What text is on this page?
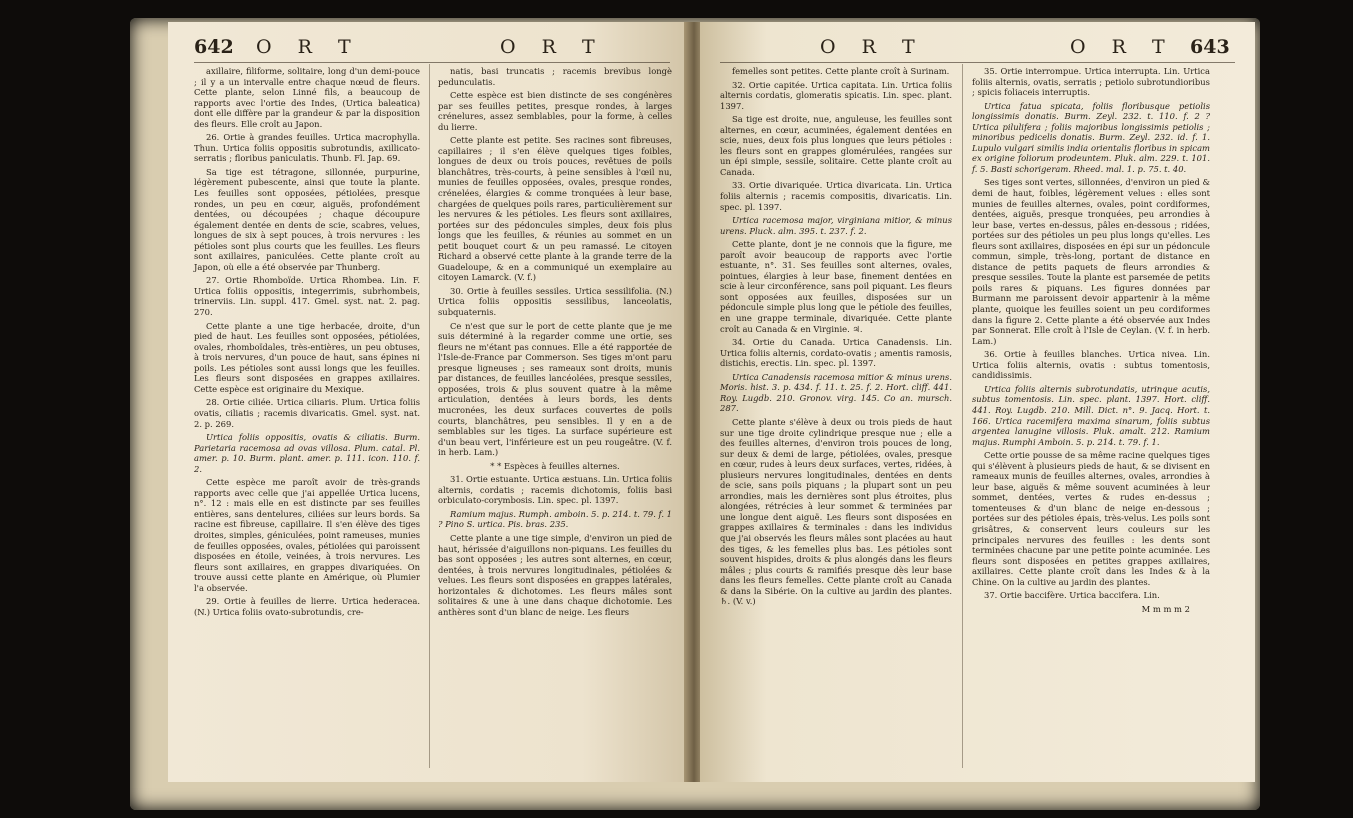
642 O R T	O R T

axillaire, filiforme, solitaire, long d'un demi-pouce ; il y a un intervalle entre chaque nœud de fleurs. Cette plante, selon Linné fils, a beaucoup de rapports avec l'ortie des Indes, (Urtica baleatica) dont elle diffère par la grandeur & par la disposition des fleurs. Elle croît au Japon.

26. Ortie à grandes feuilles. Urtica macrophylla. Thun. Urtica foliis oppositis subrotundis, axillicato-serratis ; floribus paniculatis. Thunb. Fl. Jap. 69.

Sa tige est tétragone, sillonnée, purpurine, légèrement pubescente, ainsi que toute la plante. Les feuilles sont opposées, pétiolées, presque rondes, un peu en cœur, aiguës, profondément dentées, ou découpées ; chaque découpure également dentée en dents de scie, scabres, velues, longues de six à sept pouces, à trois nervures : les pétioles sont plus courts que les feuilles. Les fleurs sont axillaires, paniculées. Cette plante croît au Japon, où elle a été observée par Thunberg.

27. Ortie Rhomboïde. Urtica Rhombea. Lin. F. Urtica foliis oppositis, integerrimis, subrhombeis, trinerviis. Lin. suppl. 417. Gmel. syst. nat. 2. pag. 270.

Cette plante a une tige herbacée, droite, d'un pied de haut. Les feuilles sont opposées, pétiolées, ovales, rhomboïdales, très-entières, un peu obtuses, à trois nervures, d'un pouce de haut, sans épines ni poils. Les pétioles sont aussi longs que les feuilles. Les fleurs sont disposées en grappes axillaires. Cette espèce est originaire du Mexique.

28. Ortie ciliée. Urtica ciliaris. Plum. Urtica foliis ovatis, ciliatis ; racemis divaricatis. Gmel. syst. nat. 2. p. 269.

Urtica foliis oppositis, ovatis & ciliatis. Burm. Parietaria racemosa ad ovas villosa. Plum. catal. Pl. amer. p. 10. Burm. plant. amer. p. 111. icon. 110. f. 2.

Cette espèce me paroît avoir de très-grands rapports avec celle que j'ai appellée Urtica lucens, n°. 12 : mais elle en est distincte par ses feuilles entières, sans dentelures, ciliées sur leurs bords. Sa racine est fibreuse, capillaire. Il s'en élève des tiges droites, simples, géniculées, point rameuses, munies de feuilles opposées, ovales, pétiolées qui paroissent disposées en étoile, veinées, à trois nervures. Les fleurs sont axillaires, en grappes divariquées. On trouve aussi cette plante en Amérique, où Plumier l'a observée.

29. Ortie à feuilles de lierre. Urtica hederacea. (N.) Urtica foliis ovato-subrotundis, cre-

natis, basi truncatis ; racemis brevibus longè pedunculatis.

Cette espèce est bien distincte de ses congénères par ses feuilles petites, presque rondes, à larges crénelures, assez semblables, pour la forme, à celles du lierre.

Cette plante est petite. Ses racines sont fibreuses, capillaires ; il s'en élève quelques tiges foibles, longues de deux ou trois pouces, revêtues de poils blanchâtres, très-courts, à peine sensibles à l'œil nu, munies de feuilles opposées, ovales, presque rondes, crénelées, élargies & comme tronquées à leur base, chargées de quelques poils rares, particulièrement sur les nervures & les pétioles. Les fleurs sont axillaires, portées sur des pédoncules simples, deux fois plus longs que les feuilles, & réunies au sommet en un petit bouquet court & un peu ramassé. Le citoyen Richard a observé cette plante à la grande terre de la Guadeloupe, & en a communiqué un exemplaire au citoyen Lamarck. (V. f.)

30. Ortie à feuilles sessiles. Urtica sessilifolia. (N.) Urtica foliis oppositis sessilibus, lanceolatis, subquaternis.

Ce n'est que sur le port de cette plante que je me suis déterminé à la regarder comme une ortie, ses fleurs ne m'étant pas connues. Elle a été rapportée de l'Isle-de-France par Commerson. Ses tiges m'ont paru presque ligneuses ; ses rameaux sont droits, munis par distances, de feuilles lancéolées, presque sessiles, opposées, trois & plus souvent quatre à la même articulation, dentées à leurs bords, les dents mucronées, les deux surfaces couvertes de poils courts, blanchâtres, peu sensibles. Il y en a de semblables sur les tiges. La surface supérieure est d'un beau vert, l'inférieure est un peu rougeâtre. (V. f. in herb. Lam.)

* * Espèces à feuilles alternes.

31. Ortie estuante. Urtica æstuans. Lin. Urtica foliis alternis, cordatis ; racemis dichotomis, foliis basi orbiculato-corymbosis. Lin. spec. pl. 1397.

Ramium majus. Rumph. amboin. 5. p. 214. t. 79. f. 1 ? Pino S. urtica. Pis. bras. 235.

Cette plante a une tige simple, d'environ un pied de haut, hérissée d'aiguillons non-piquans. Les feuilles du bas sont opposées ; les autres sont alternes, en cœur, dentées, à trois nervures longitudinales, pétiolées & velues. Les fleurs sont disposées en grappes latérales, horizontales & dichotomes. Les fleurs mâles sont solitaires & une à une dans chaque dichotomie. Les anthères sont d'un blanc de neige. Les fleurs

O R T	O R T 643

femelles sont petites. Cette plante croît à Surinam.

32. Ortie capitée. Urtica capitata. Lin. Urtica foliis alternis cordatis, glomeratis spicatis. Lin. spec. plant. 1397.

Sa tige est droite, nue, anguleuse, les feuilles sont alternes, en cœur, acuminées, également dentées en scie, nues, deux fois plus longues que leurs pétioles : les fleurs sont en grappes glomérulées, rangées sur un épi simple, sessile, solitaire. Cette plante croît au Canada.

33. Ortie divariquée. Urtica divaricata. Lin. Urtica foliis alternis ; racemis compositis, divaricatis. Lin. spec. pl. 1397.

Urtica racemosa major, virginiana mitior, & minus urens. Pluck. alm. 395. t. 237. f. 2.

Cette plante, dont je ne connois que la figure, me paroît avoir beaucoup de rapports avec l'ortie estuante, n°. 31. Ses feuilles sont alternes, ovales, pointues, élargies à leur base, finement dentées en scie à leur circonférence, sans poil piquant. Les fleurs sont opposées aux feuilles, disposées sur un pédoncule simple plus long que le pétiole des feuilles, en une grappe terminale, divariquée. Cette plante croît au Canada & en Virginie. ♃.

34. Ortie du Canada. Urtica Canadensis. Lin. Urtica foliis alternis, cordato-ovatis ; amentis ramosis, distichis, erectis. Lin. spec. pl. 1397.

Urtica Canadensis racemosa mitior & minus urens. Moris. hist. 3. p. 434. f. 11. t. 25. f. 2. Hort. cliff. 441. Roy. Lugdb. 210. Gronov. virg. 145. Co an. mursch. 287.

Cette plante s'élève à deux ou trois pieds de haut sur une tige droite cylindrique presque nue ; elle a des feuilles alternes, d'environ trois pouces de long, sur deux & demi de large, pétiolées, ovales, presque en cœur, rudes à leurs deux surfaces, vertes, ridées, à plusieurs nervures longitudinales, dentées en dents de scie, sans poils piquans ; la plupart sont un peu arrondies, mais les dernières sont plus étroites, plus alongées, rétrécies à leur sommet & terminées par une longue dent aiguë. Les fleurs sont disposées en grappes axillaires & terminales : dans les individus que j'ai observés les fleurs mâles sont placées au haut des tiges, & les femelles plus bas. Les pétioles sont souvent hispides, droits & plus alongés dans les fleurs mâles ; plus courts & ramifiés presque dès leur base dans les fleurs femelles. Cette plante croît au Canada & dans la Sibérie. On la cultive au jardin des plantes. ♄. (V. v.)

35. Ortie interrompue. Urtica interrupta. Lin. Urtica foliis alternis, ovatis, serratis ; petiolo subrotundioribus ; spicis foliaceis interruptis.

Urtica fatua spicata, foliis floribusque petiolis longissimis donatis. Burm. Zeyl. 232. t. 110. f. 2 ? Urtica pilulifera ; foliis majoribus longissimis petiolis ; minoribus pedicelis donatis. Burm. Zeyl. 232. id. f. 1. Lupulo vulgari similis india orientalis floribus in spicam ex origine foliorum prodeuntem. Pluk. alm. 229. t. 101. f. 5. Basti schorigeram. Rheed. mal. 1. p. 75. t. 40.

Ses tiges sont vertes, sillonnées, d'environ un pied & demi de haut, foibles, légèrement velues : elles sont munies de feuilles alternes, ovales, point cordiformes, dentées, aiguës, presque tronquées, peu arrondies à leur base, vertes en-dessus, pâles en-dessous ; ridées, portées sur des pétioles un peu plus longs qu'elles. Les fleurs sont axillaires, disposées en épi sur un pédoncule commun, simple, très-long, portant de distance en distance de petits paquets de fleurs arrondies & presque sessiles. Toute la plante est parsemée de petits poils rares & piquans. Les figures données par Burmann me paroissent devoir appartenir à la même plante, quoique les feuilles soient un peu cordiformes dans la figure 2. Cette plante a été observée aux Indes par Sonnerat. Elle croît à l'Isle de Ceylan. (V. f. in herb. Lam.)

36. Ortie à feuilles blanches. Urtica nivea. Lin. Urtica foliis alternis, ovatis : subtus tomentosis, candidissimis.

Urtica foliis alternis subrotundatis, utrinque acutis, subtus tomentosis. Lin. spec. plant. 1397. Hort. cliff. 441. Roy. Lugdb. 210. Mill. Dict. n°. 9. Jacq. Hort. t. 166. Urtica racemifera maxima sinarum, foliis subtus argentea lanugine villosis. Pluk. amalt. 212. Ramium majus. Rumphi Amboin. 5. p. 214. t. 79. f. 1.

Cette ortie pousse de sa même racine quelques tiges qui s'élèvent à plusieurs pieds de haut, & se divisent en rameaux munis de feuilles alternes, ovales, arrondies à leur base, aiguës & même souvent acuminées à leur sommet, dentées, vertes & rudes en-dessus ; tomenteuses & d'un blanc de neige en-dessous ; portées sur des pétioles épais, très-velus. Les poils sont grisâtres, & conservent leurs couleurs sur les principales nervures des feuilles : les dents sont terminées chacune par une petite pointe acuminée. Les fleurs sont disposées en petites grappes axillaires, axillaires. Cette plante croît dans les Indes & à la Chine. On la cultive au jardin des plantes.

37. Ortie baccifère. Urtica baccifera. Lin.

M m m m 2
